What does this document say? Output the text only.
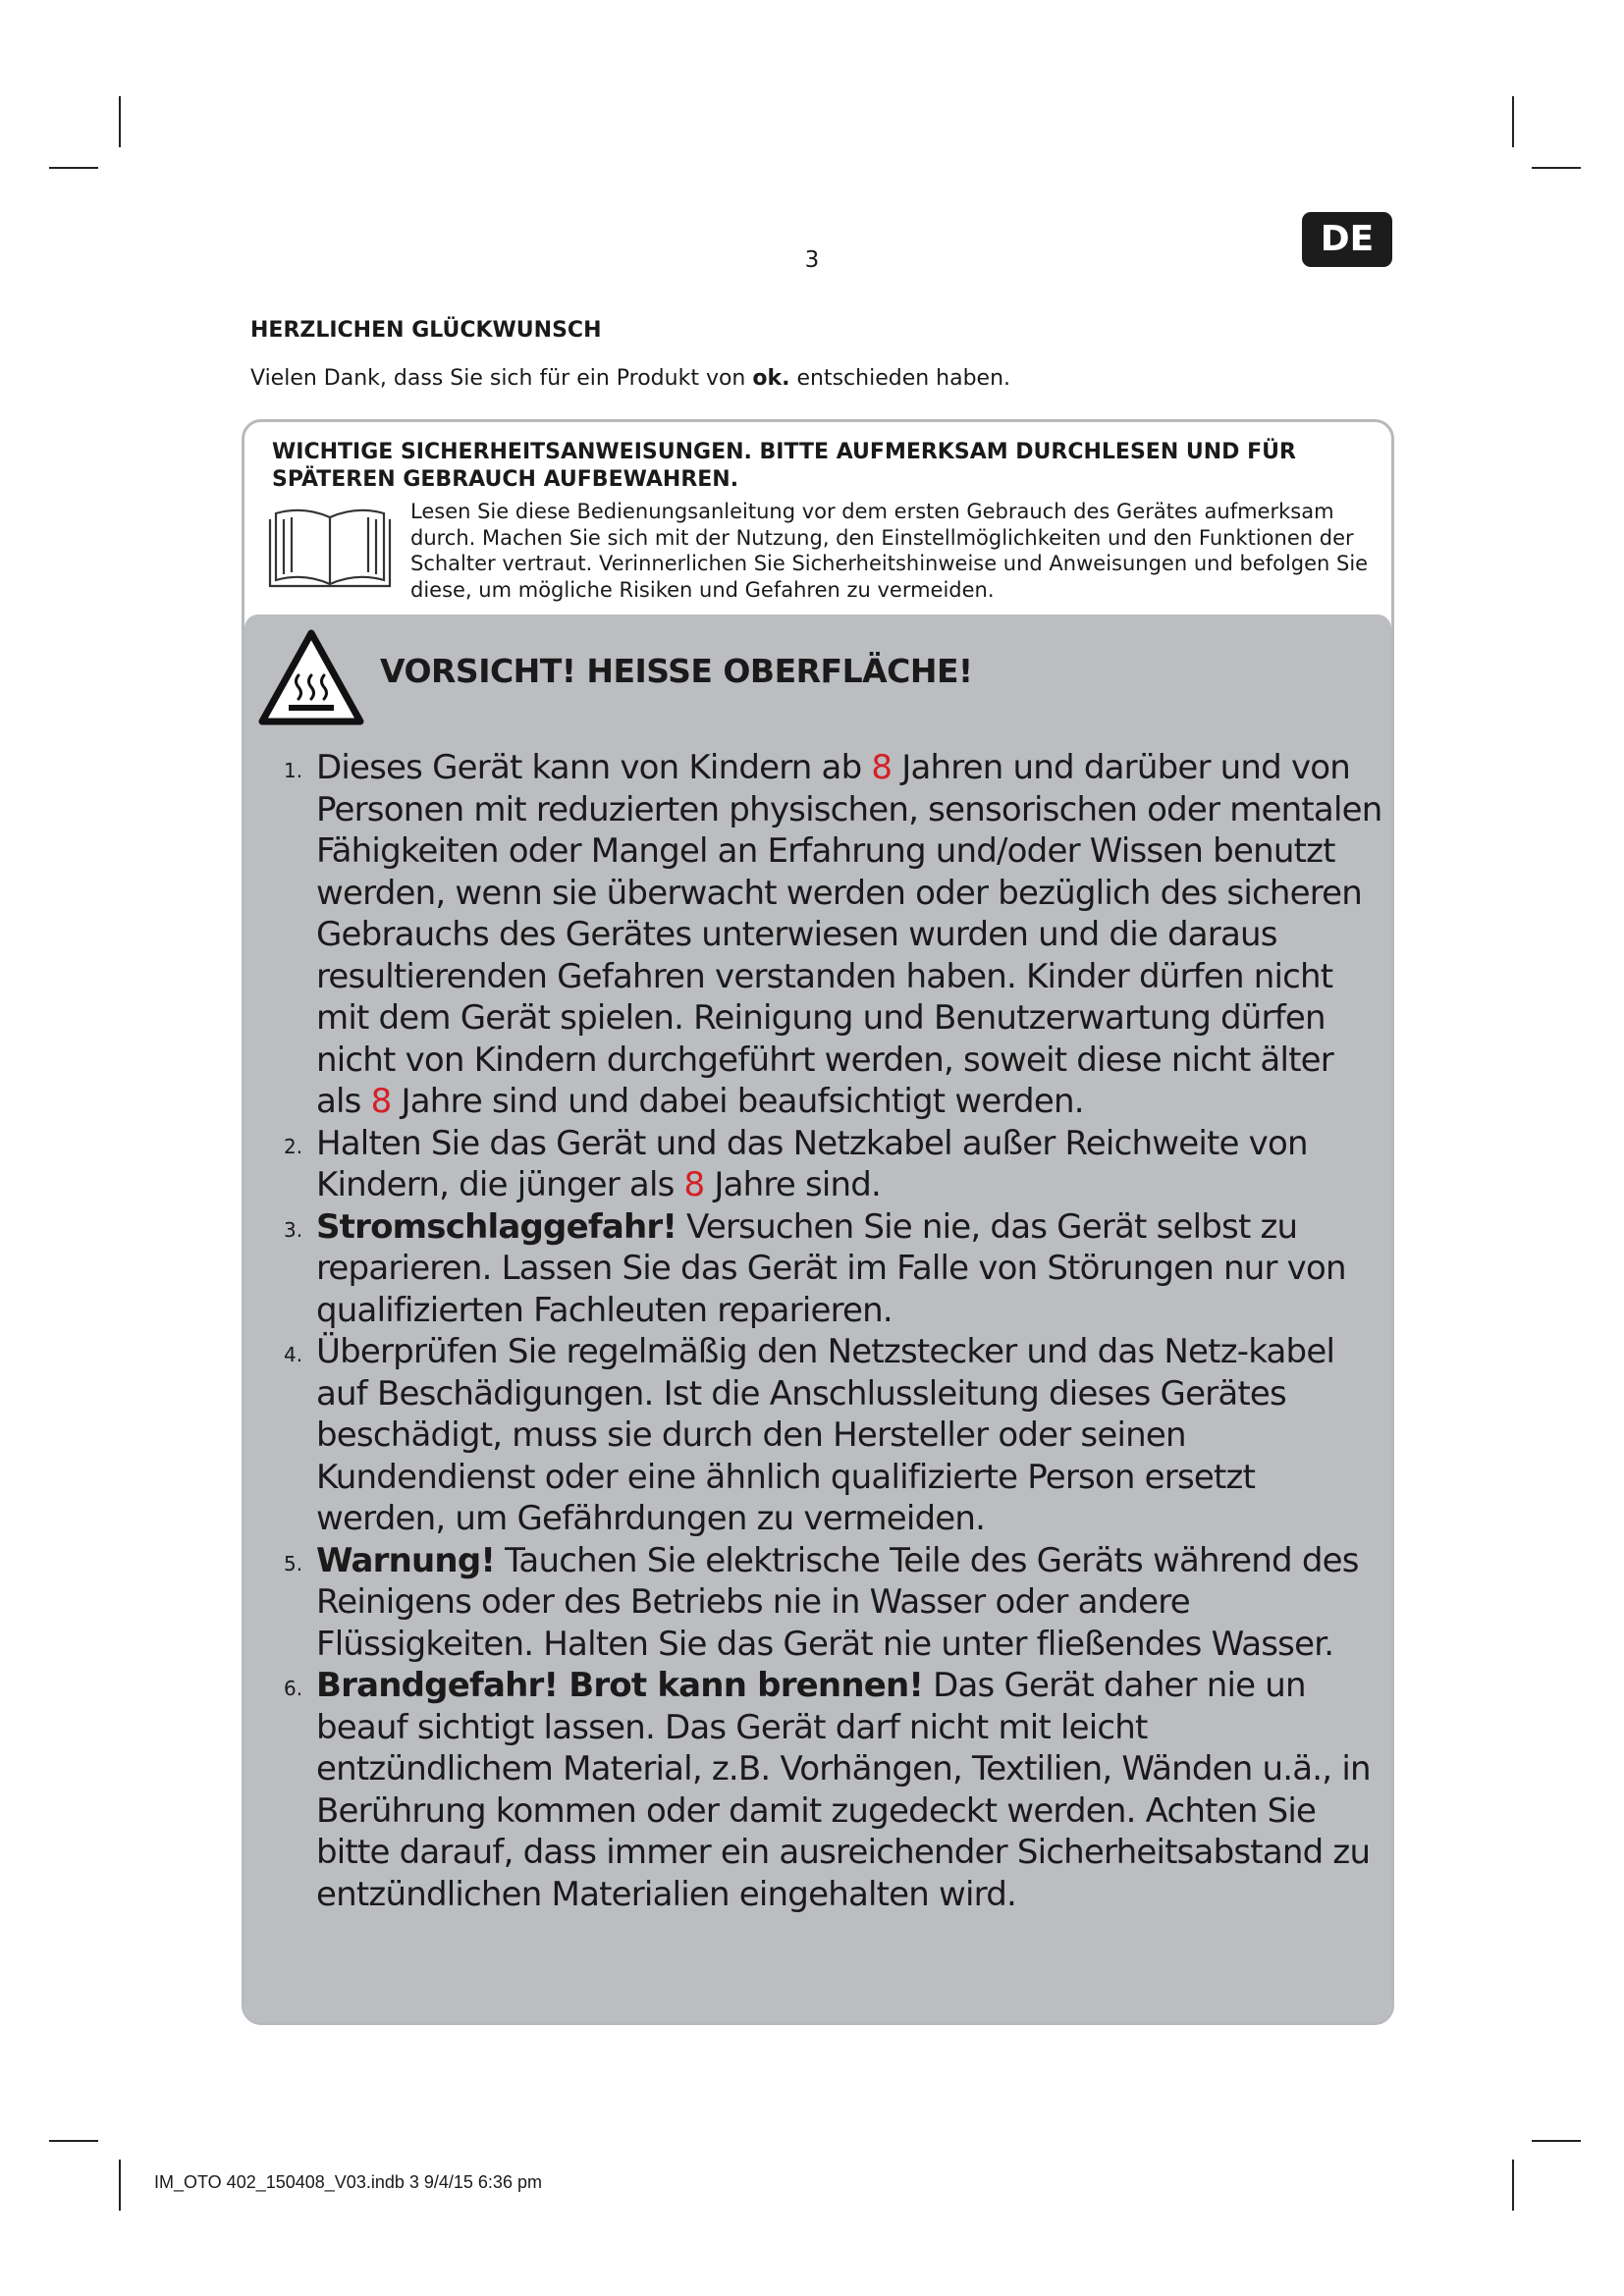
3
DE
HERZLICHEN GLÜCKWUNSCH
Vielen Dank, dass Sie sich für ein Produkt von ok. entschieden haben.
WICHTIGE SICHERHEITSANWEISUNGEN. BITTE AUFMERKSAM DURCHLESEN UND FÜR SPÄTEREN GEBRAUCH AUFBEWAHREN.
Lesen Sie diese Bedienungsanleitung vor dem ersten Gebrauch des Gerätes aufmerksam durch. Machen Sie sich mit der Nutzung, den Einstellmöglichkeiten und den Funktionen der Schalter vertraut. Verinnerlichen Sie Sicherheitshinweise und Anweisungen und befolgen Sie diese, um mögliche Risiken und Gefahren zu vermeiden.
VORSICHT! HEISSE OBERFLÄCHE!
1. Dieses Gerät kann von Kindern ab 8 Jahren und darüber und von Personen mit reduzierten physischen, sensorischen oder mentalen Fähigkeiten oder Mangel an Erfahrung und/oder Wissen benutzt werden, wenn sie überwacht werden oder bezüglich des sicheren Gebrauchs des Gerätes unterwiesen wurden und die daraus resultierenden Gefahren verstanden haben. Kinder dürfen nicht mit dem Gerät spielen. Reinigung und Benutzerwartung dürfen nicht von Kindern durchgeführt werden, soweit diese nicht älter als 8 Jahre sind und dabei beaufsichtigt werden.
2. Halten Sie das Gerät und das Netzkabel außer Reichweite von Kindern, die jünger als 8 Jahre sind.
3. Stromschlaggefahr! Versuchen Sie nie, das Gerät selbst zu reparieren. Lassen Sie das Gerät im Falle von Störungen nur von qualifizierten Fachleuten reparieren.
4. Überprüfen Sie regelmäßig den Netzstecker und das Netz-kabel auf Beschädigungen. Ist die Anschlussleitung dieses Gerätes beschädigt, muss sie durch den Hersteller oder seinen Kundendienst oder eine ähnlich qualifizierte Person ersetzt werden, um Gefährdungen zu vermeiden.
5. Warnung! Tauchen Sie elektrische Teile des Geräts während des Reinigens oder des Betriebs nie in Wasser oder andere Flüssigkeiten. Halten Sie das Gerät nie unter fließendes Wasser.
6. Brandgefahr! Brot kann brennen! Das Gerät daher nie un beauf sichtigt lassen. Das Gerät darf nicht mit leicht entzündlichem Material, z.B. Vorhängen, Textilien, Wänden u.ä., in Berührung kommen oder damit zugedeckt werden. Achten Sie bitte darauf, dass immer ein ausreichender Sicherheitsabstand zu entzündlichen Materialien eingehalten wird.
IM_OTO 402_150408_V03.indb 3 9/4/15 6:36 pm
